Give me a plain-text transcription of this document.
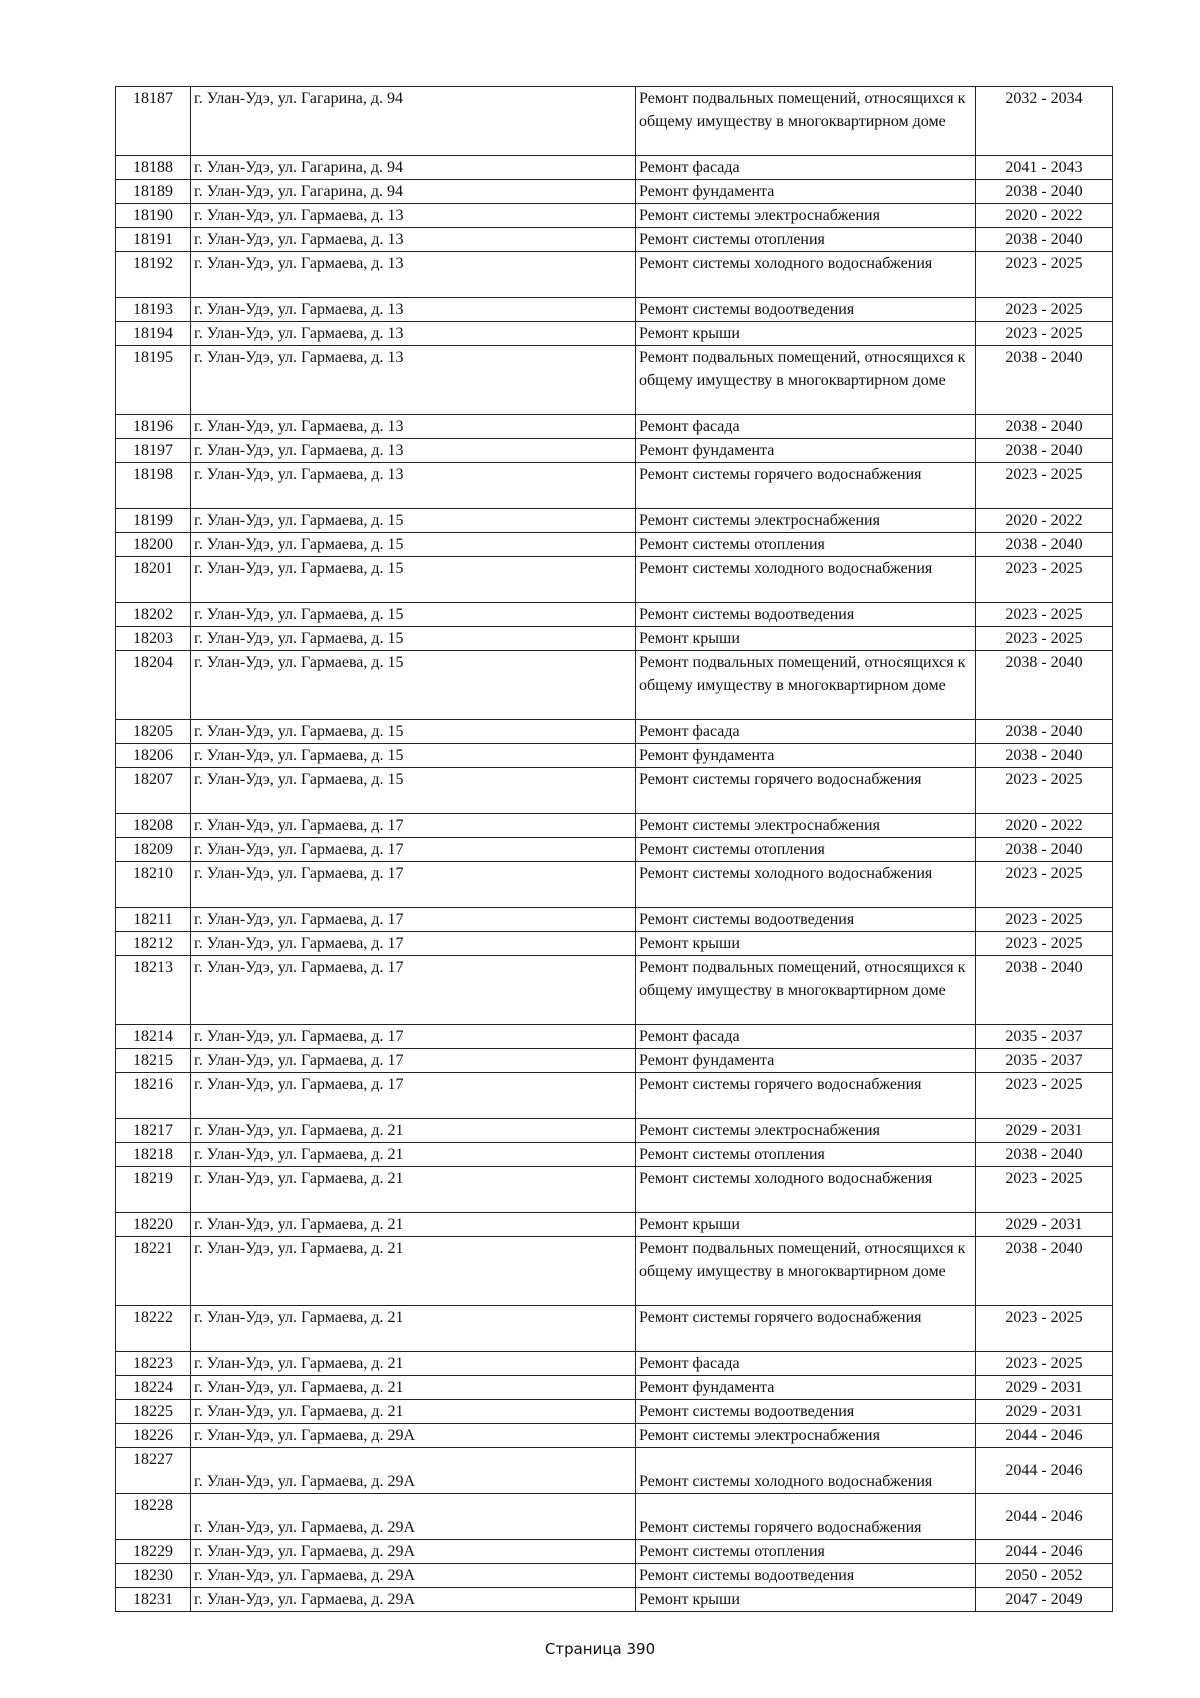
18187	г. Улан-Удэ, ул. Гагарина, д. 94	Ремонт подвальных помещений, относящихся к общему имуществу в многоквартирном доме	2032 - 2034
18188	г. Улан-Удэ, ул. Гагарина, д. 94	Ремонт фасада	2041 - 2043
18189	г. Улан-Удэ, ул. Гагарина, д. 94	Ремонт фундамента	2038 - 2040
18190	г. Улан-Удэ, ул. Гармаева, д. 13	Ремонт системы электроснабжения	2020 - 2022
18191	г. Улан-Удэ, ул. Гармаева, д. 13	Ремонт системы отопления	2038 - 2040
18192	г. Улан-Удэ, ул. Гармаева, д. 13	Ремонт системы холодного водоснабжения	2023 - 2025
18193	г. Улан-Удэ, ул. Гармаева, д. 13	Ремонт системы водоотведения	2023 - 2025
18194	г. Улан-Удэ, ул. Гармаева, д. 13	Ремонт крыши	2023 - 2025
18195	г. Улан-Удэ, ул. Гармаева, д. 13	Ремонт подвальных помещений, относящихся к общему имуществу в многоквартирном доме	2038 - 2040
18196	г. Улан-Удэ, ул. Гармаева, д. 13	Ремонт фасада	2038 - 2040
18197	г. Улан-Удэ, ул. Гармаева, д. 13	Ремонт фундамента	2038 - 2040
18198	г. Улан-Удэ, ул. Гармаева, д. 13	Ремонт системы горячего водоснабжения	2023 - 2025
18199	г. Улан-Удэ, ул. Гармаева, д. 15	Ремонт системы электроснабжения	2020 - 2022
18200	г. Улан-Удэ, ул. Гармаева, д. 15	Ремонт системы отопления	2038 - 2040
18201	г. Улан-Удэ, ул. Гармаева, д. 15	Ремонт системы холодного водоснабжения	2023 - 2025
18202	г. Улан-Удэ, ул. Гармаева, д. 15	Ремонт системы водоотведения	2023 - 2025
18203	г. Улан-Удэ, ул. Гармаева, д. 15	Ремонт крыши	2023 - 2025
18204	г. Улан-Удэ, ул. Гармаева, д. 15	Ремонт подвальных помещений, относящихся к общему имуществу в многоквартирном доме	2038 - 2040
18205	г. Улан-Удэ, ул. Гармаева, д. 15	Ремонт фасада	2038 - 2040
18206	г. Улан-Удэ, ул. Гармаева, д. 15	Ремонт фундамента	2038 - 2040
18207	г. Улан-Удэ, ул. Гармаева, д. 15	Ремонт системы горячего водоснабжения	2023 - 2025
18208	г. Улан-Удэ, ул. Гармаева, д. 17	Ремонт системы электроснабжения	2020 - 2022
18209	г. Улан-Удэ, ул. Гармаева, д. 17	Ремонт системы отопления	2038 - 2040
18210	г. Улан-Удэ, ул. Гармаева, д. 17	Ремонт системы холодного водоснабжения	2023 - 2025
18211	г. Улан-Удэ, ул. Гармаева, д. 17	Ремонт системы водоотведения	2023 - 2025
18212	г. Улан-Удэ, ул. Гармаева, д. 17	Ремонт крыши	2023 - 2025
18213	г. Улан-Удэ, ул. Гармаева, д. 17	Ремонт подвальных помещений, относящихся к общему имуществу в многоквартирном доме	2038 - 2040
18214	г. Улан-Удэ, ул. Гармаева, д. 17	Ремонт фасада	2035 - 2037
18215	г. Улан-Удэ, ул. Гармаева, д. 17	Ремонт фундамента	2035 - 2037
18216	г. Улан-Удэ, ул. Гармаева, д. 17	Ремонт системы горячего водоснабжения	2023 - 2025
18217	г. Улан-Удэ, ул. Гармаева, д. 21	Ремонт системы электроснабжения	2029 - 2031
18218	г. Улан-Удэ, ул. Гармаева, д. 21	Ремонт системы отопления	2038 - 2040
18219	г. Улан-Удэ, ул. Гармаева, д. 21	Ремонт системы холодного водоснабжения	2023 - 2025
18220	г. Улан-Удэ, ул. Гармаева, д. 21	Ремонт крыши	2029 - 2031
18221	г. Улан-Удэ, ул. Гармаева, д. 21	Ремонт подвальных помещений, относящихся к общему имуществу в многоквартирном доме	2038 - 2040
18222	г. Улан-Удэ, ул. Гармаева, д. 21	Ремонт системы горячего водоснабжения	2023 - 2025
18223	г. Улан-Удэ, ул. Гармаева, д. 21	Ремонт фасада	2023 - 2025
18224	г. Улан-Удэ, ул. Гармаева, д. 21	Ремонт фундамента	2029 - 2031
18225	г. Улан-Удэ, ул. Гармаева, д. 21	Ремонт системы водоотведения	2029 - 2031
18226	г. Улан-Удэ, ул. Гармаева, д. 29А	Ремонт системы электроснабжения	2044 - 2046
18227	г. Улан-Удэ, ул. Гармаева, д. 29А	Ремонт системы холодного водоснабжения	2044 - 2046
18228	г. Улан-Удэ, ул. Гармаева, д. 29А	Ремонт системы горячего водоснабжения	2044 - 2046
18229	г. Улан-Удэ, ул. Гармаева, д. 29А	Ремонт системы отопления	2044 - 2046
18230	г. Улан-Удэ, ул. Гармаева, д. 29А	Ремонт системы водоотведения	2050 - 2052
18231	г. Улан-Удэ, ул. Гармаева, д. 29А	Ремонт крыши	2047 - 2049
Страница 390
